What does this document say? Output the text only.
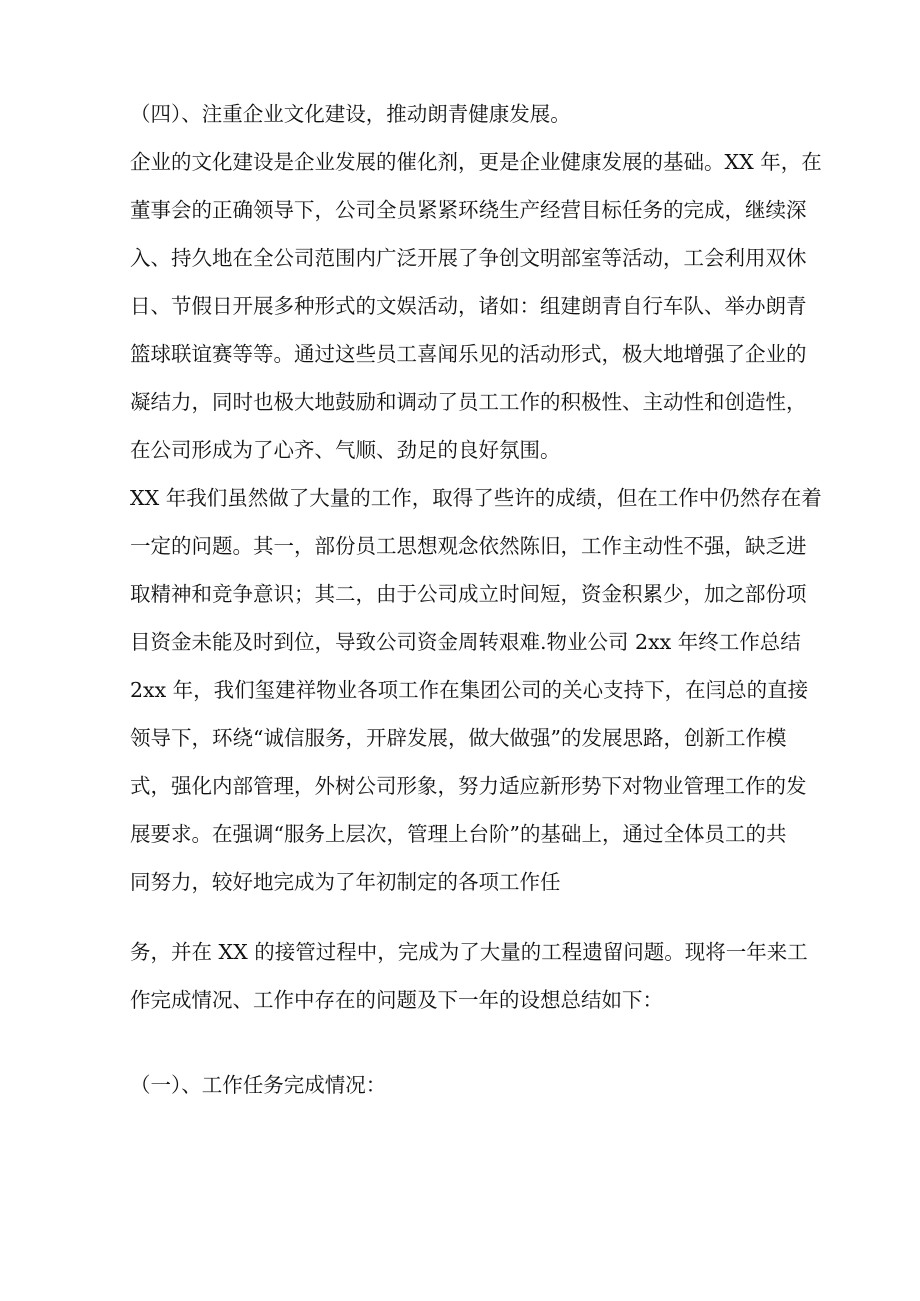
（四）、注重企业文化建设，推动朗青健康发展。
企业的文化建设是企业发展的催化剂，更是企业健康发展的基础。XX 年，在
董事会的正确领导下，公司全员紧紧环绕生产经营目标任务的完成，继续深
入、持久地在全公司范围内广泛开展了争创文明部室等活动，工会利用双休
日、节假日开展多种形式的文娱活动，诸如：组建朗青自行车队、举办朗青
篮球联谊赛等等。通过这些员工喜闻乐见的活动形式，极大地增强了企业的
凝结力，同时也极大地鼓励和调动了员工工作的积极性、主动性和创造性，
在公司形成为了心齐、气顺、劲足的良好氛围。
XX 年我们虽然做了大量的工作，取得了些许的成绩，但在工作中仍然存在着
一定的问题。其一，部份员工思想观念依然陈旧，工作主动性不强，缺乏进
取精神和竞争意识；其二，由于公司成立时间短，资金积累少，加之部份项
目资金未能及时到位，导致公司资金周转艰难.物业公司 2xx 年终工作总结
2xx 年，我们玺建祥物业各项工作在集团公司的关心支持下，在闫总的直接
领导下，环绕“诚信服务，开辟发展，做大做强”的发展思路，创新工作模
式，强化内部管理，外树公司形象，努力适应新形势下对物业管理工作的发
展要求。在强调“服务上层次，管理上台阶”的基础上，通过全体员工的共
同努力，较好地完成为了年初制定的各项工作任
务，并在 XX 的接管过程中，完成为了大量的工程遗留问题。现将一年来工
作完成情况、工作中存在的问题及下一年的设想总结如下：
（一）、工作任务完成情况：
